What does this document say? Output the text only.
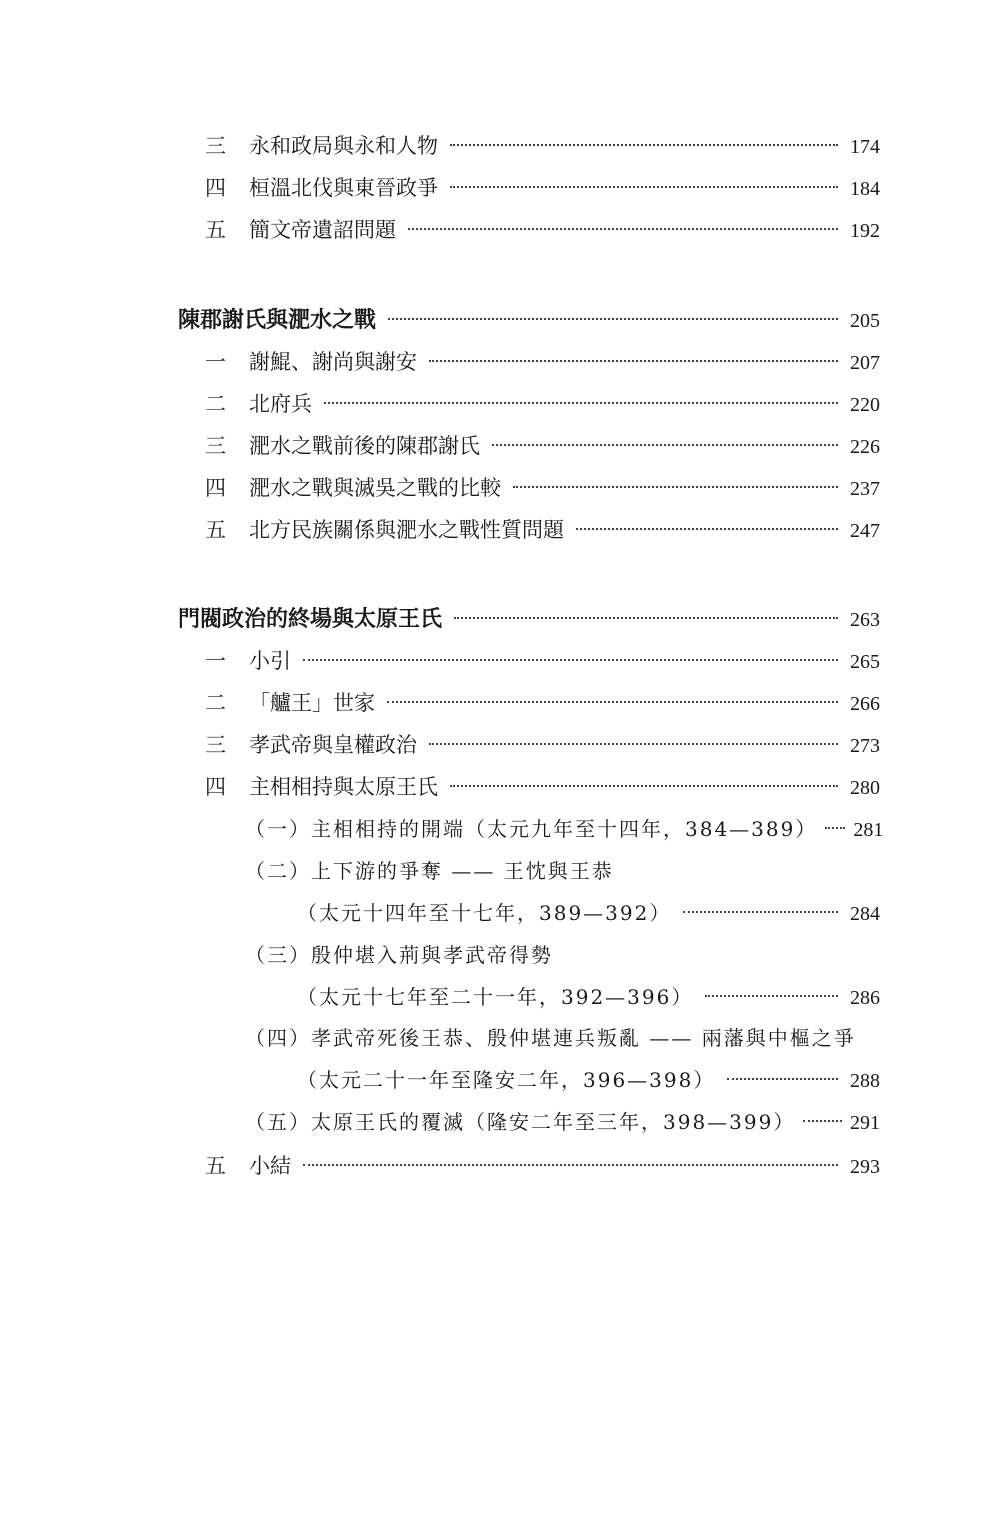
三	永和政局與永和人物	174
四	桓溫北伐與東晉政爭	184
五	簡文帝遺詔問題	192
陳郡謝氏與淝水之戰	205
一	謝鯤、謝尚與謝安	207
二	北府兵	220
三	淝水之戰前後的陳郡謝氏	226
四	淝水之戰與滅吳之戰的比較	237
五	北方民族關係與淝水之戰性質問題	247
門閥政治的終場與太原王氏	263
一	小引	265
二	「艫王」世家	266
三	孝武帝與皇權政治	273
四	主相相持與太原王氏	280
（一）主相相持的開端（太元九年至十四年，384—389） 281
（二）上下游的爭奪 —— 王忱與王恭
（太元十四年至十七年，389—392）	284
（三）殷仲堪入荊與孝武帝得勢
（太元十七年至二十一年，392—396）	286
（四）孝武帝死後王恭、殷仲堪連兵叛亂 —— 兩藩與中樞之爭
（太元二十一年至隆安二年，396—398）	288
（五）太原王氏的覆滅（隆安二年至三年，398—399）	291
五	小結	293
